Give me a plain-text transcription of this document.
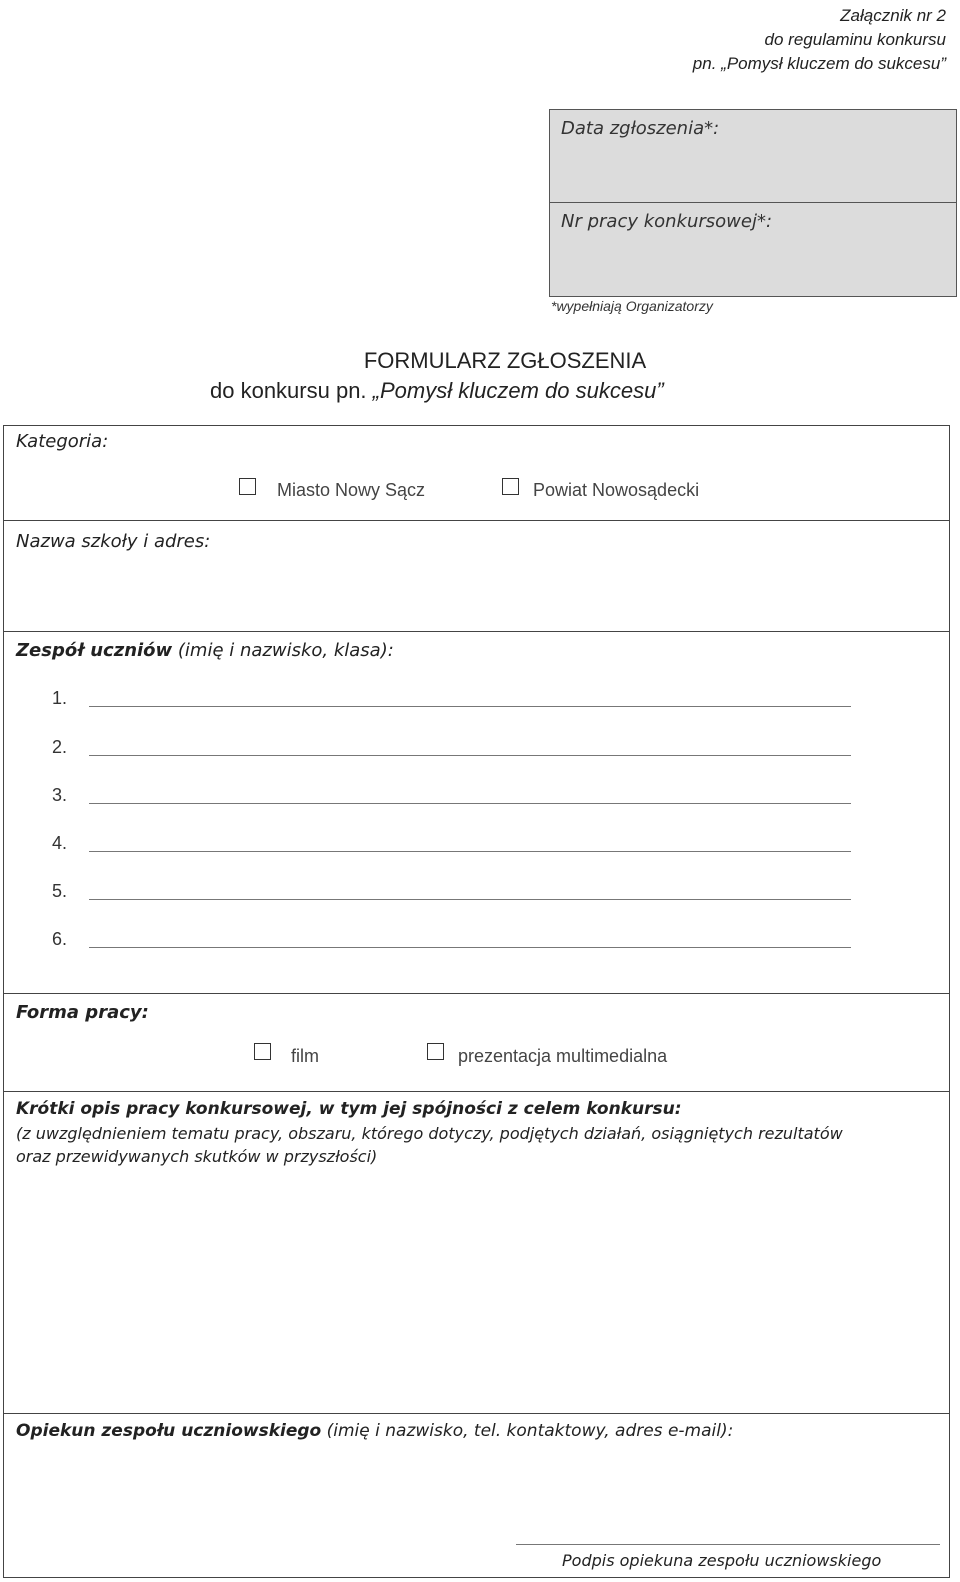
Załącznik nr 2
do regulaminu konkursu
pn. „Pomysł kluczem do sukcesu”
Data zgłoszenia*:
Nr pracy konkursowej*:
*wypełniają Organizatorzy
FORMULARZ ZGŁOSZENIA
do konkursu pn. „Pomysł kluczem do sukcesu”
Kategoria:
Miasto Nowy Sącz	Powiat Nowosądecki
Nazwa szkoły i adres:
Zespół uczniów (imię i nazwisko, klasa):
1.
2.
3.
4.
5.
6.
Forma pracy:
film	prezentacja multimedialna
Krótki opis pracy konkursowej, w tym jej spójności z celem konkursu:
(z uwzględnieniem tematu pracy, obszaru, którego dotyczy, podjętych działań, osiągniętych rezultatów
oraz przewidywanych skutków w przyszłości)
Opiekun zespołu uczniowskiego (imię i nazwisko, tel. kontaktowy, adres e-mail):
Podpis opiekuna zespołu uczniowskiego
